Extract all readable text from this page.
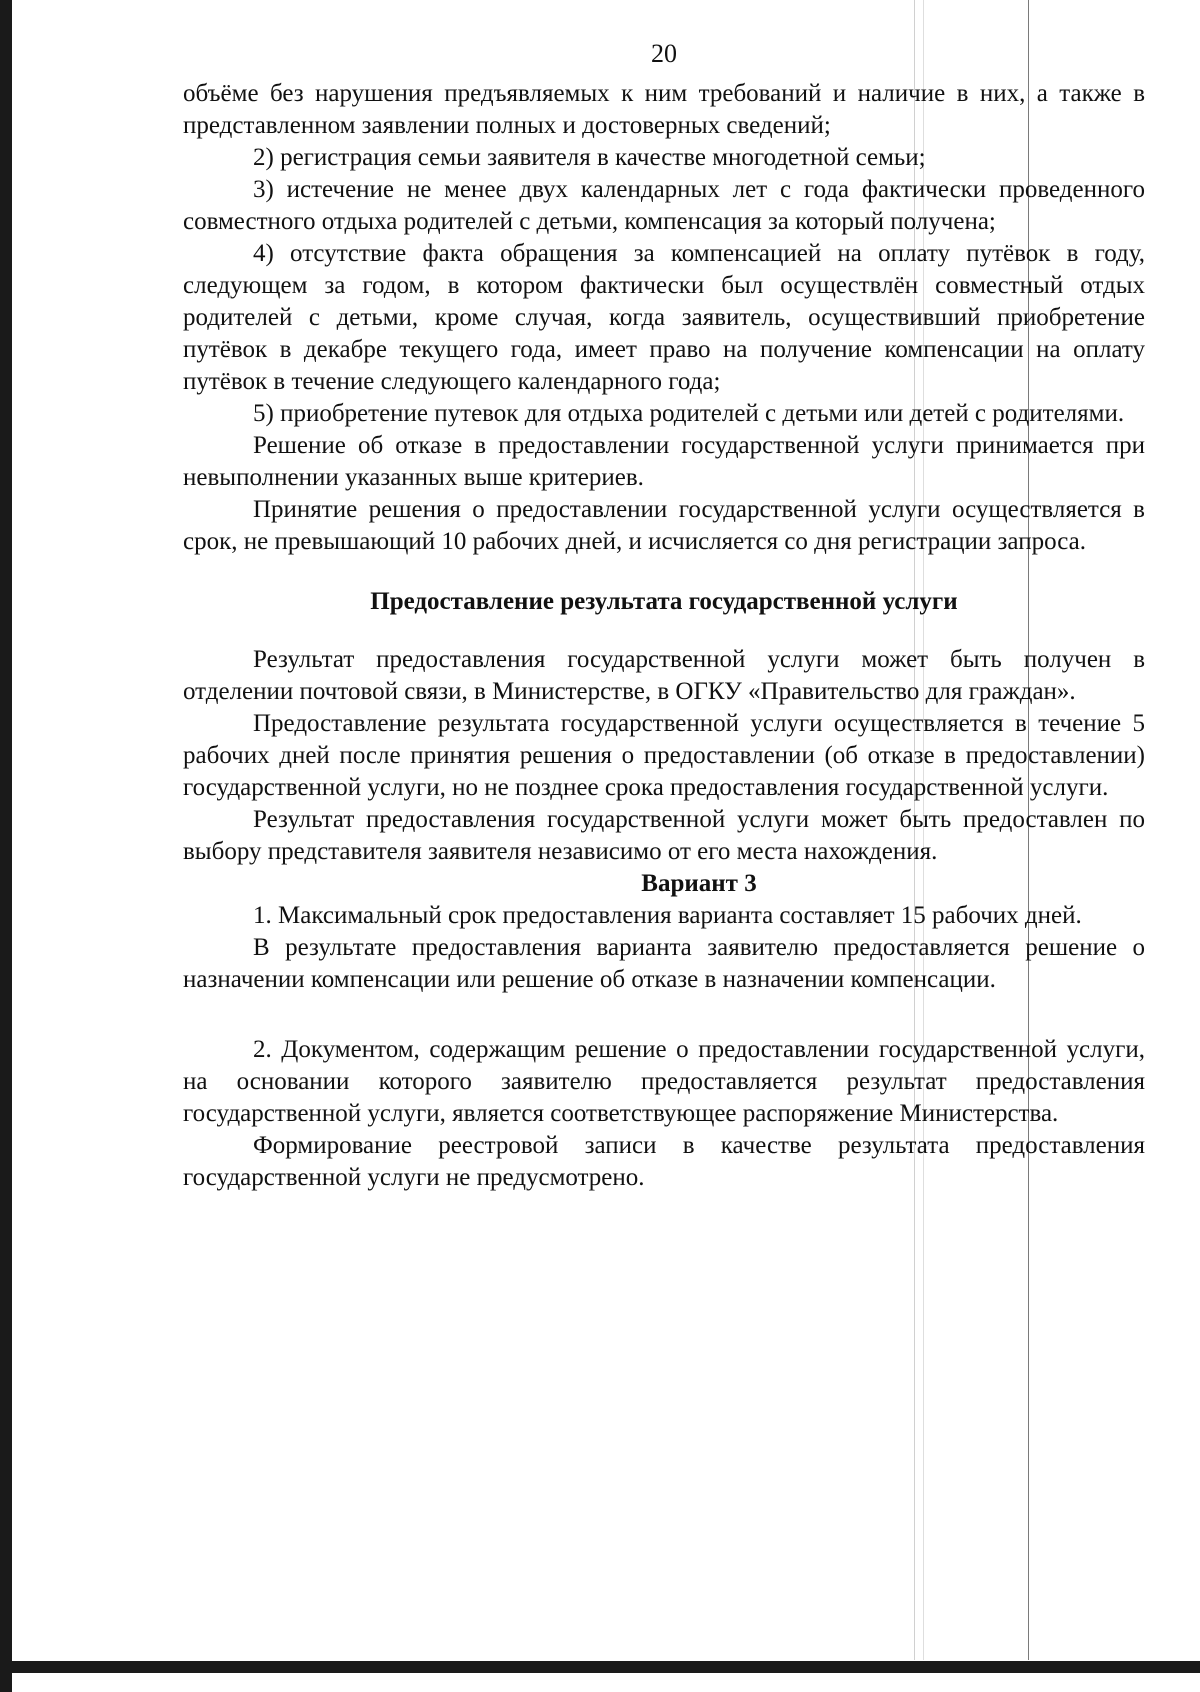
20

объёме без нарушения предъявляемых к ним требований и наличие в них, а также в представленном заявлении полных и достоверных сведений;

2) регистрация семьи заявителя в качестве многодетной семьи;

3) истечение не менее двух календарных лет с года фактически проведенного совместного отдыха родителей с детьми, компенсация за который получена;

4) отсутствие факта обращения за компенсацией на оплату путёвок в году, следующем за годом, в котором фактически был осуществлён совместный отдых родителей с детьми, кроме случая, когда заявитель, осуществивший приобретение путёвок в декабре текущего года, имеет право на получение компенсации на оплату путёвок в течение следующего календарного года;

5) приобретение путевок для отдыха родителей с детьми или детей с родителями.

Решение об отказе в предоставлении государственной услуги принимается при невыполнении указанных выше критериев.

Принятие решения о предоставлении государственной услуги осуществляется в срок, не превышающий 10 рабочих дней, и исчисляется со дня регистрации запроса.

Предоставление результата государственной услуги

Результат предоставления государственной услуги может быть получен в отделении почтовой связи, в Министерстве, в ОГКУ «Правительство для граждан».

Предоставление результата государственной услуги осуществляется в течение 5 рабочих дней после принятия решения о предоставлении (об отказе в предоставлении) государственной услуги, но не позднее срока предоставления государственной услуги.

Результат предоставления государственной услуги может быть предоставлен по выбору представителя заявителя независимо от его места нахождения.

Вариант 3

1. Максимальный срок предоставления варианта составляет 15 рабочих дней.

В результате предоставления варианта заявителю предоставляется решение о назначении компенсации или решение об отказе в назначении компенсации.

2. Документом, содержащим решение о предоставлении государственной услуги, на основании которого заявителю предоставляется результат предоставления государственной услуги, является соответствующее распоряжение Министерства.

Формирование реестровой записи в качестве результата предоставления государственной услуги не предусмотрено.
